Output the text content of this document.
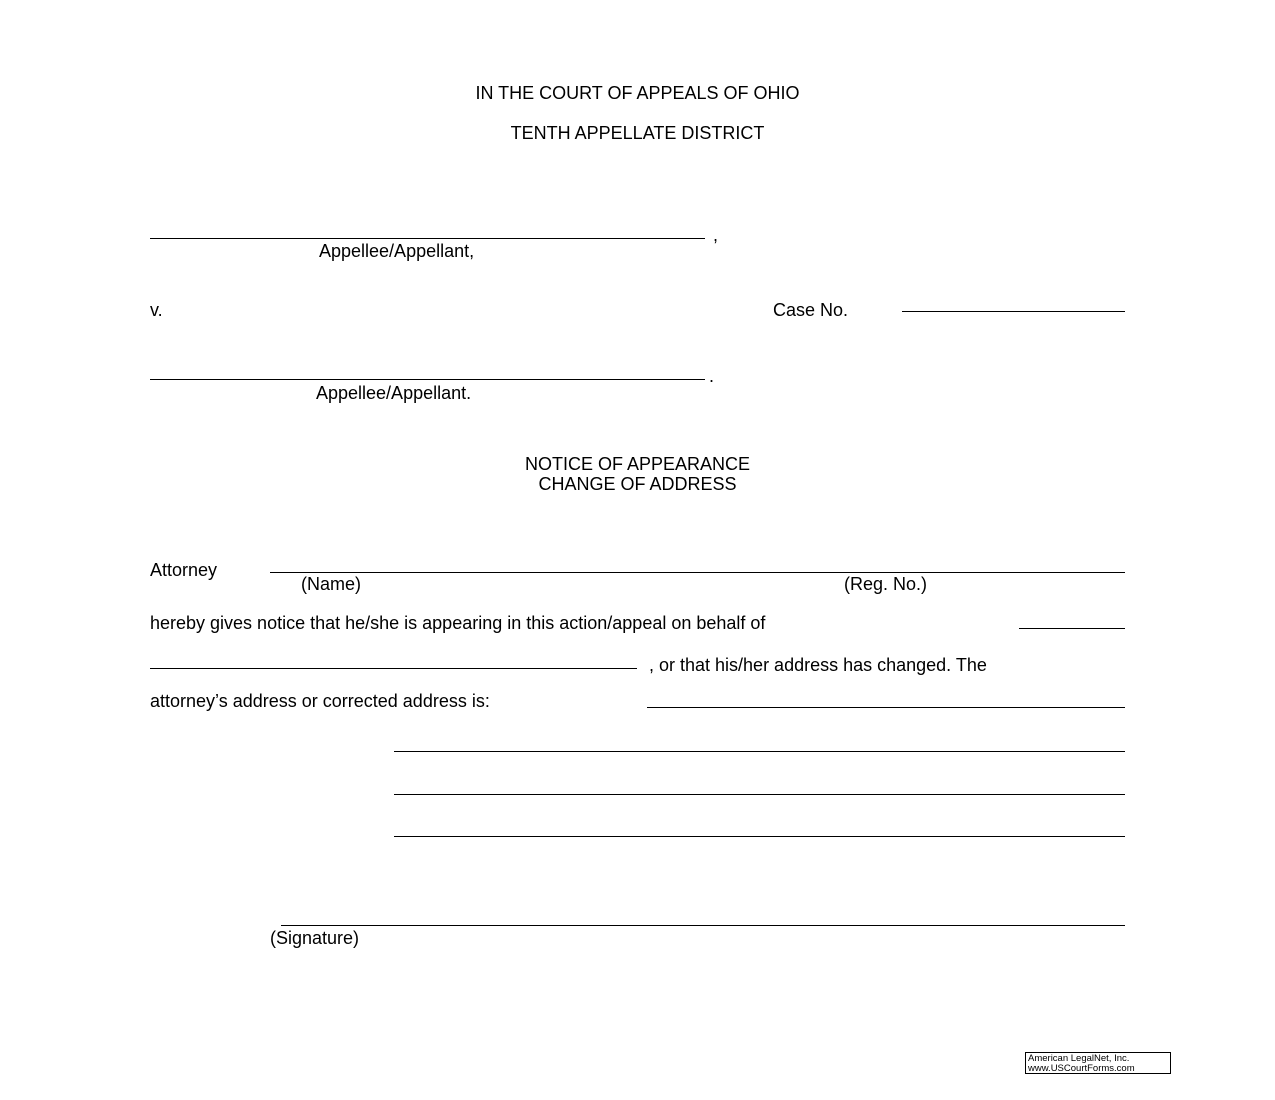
IN THE COURT OF APPEALS OF OHIO
TENTH APPELLATE DISTRICT
,
Appellee/Appellant,
v.	Case No.
.
Appellee/Appellant.
NOTICE OF APPEARANCE
CHANGE OF ADDRESS
Attorney
(Name)	(Reg. No.)
hereby gives notice that he/she is appearing in this action/appeal on behalf of
, or that his/her address has changed. The
attorney’s address or corrected address is:
(Signature)
American LegalNet, Inc.
www.USCourtForms.com
